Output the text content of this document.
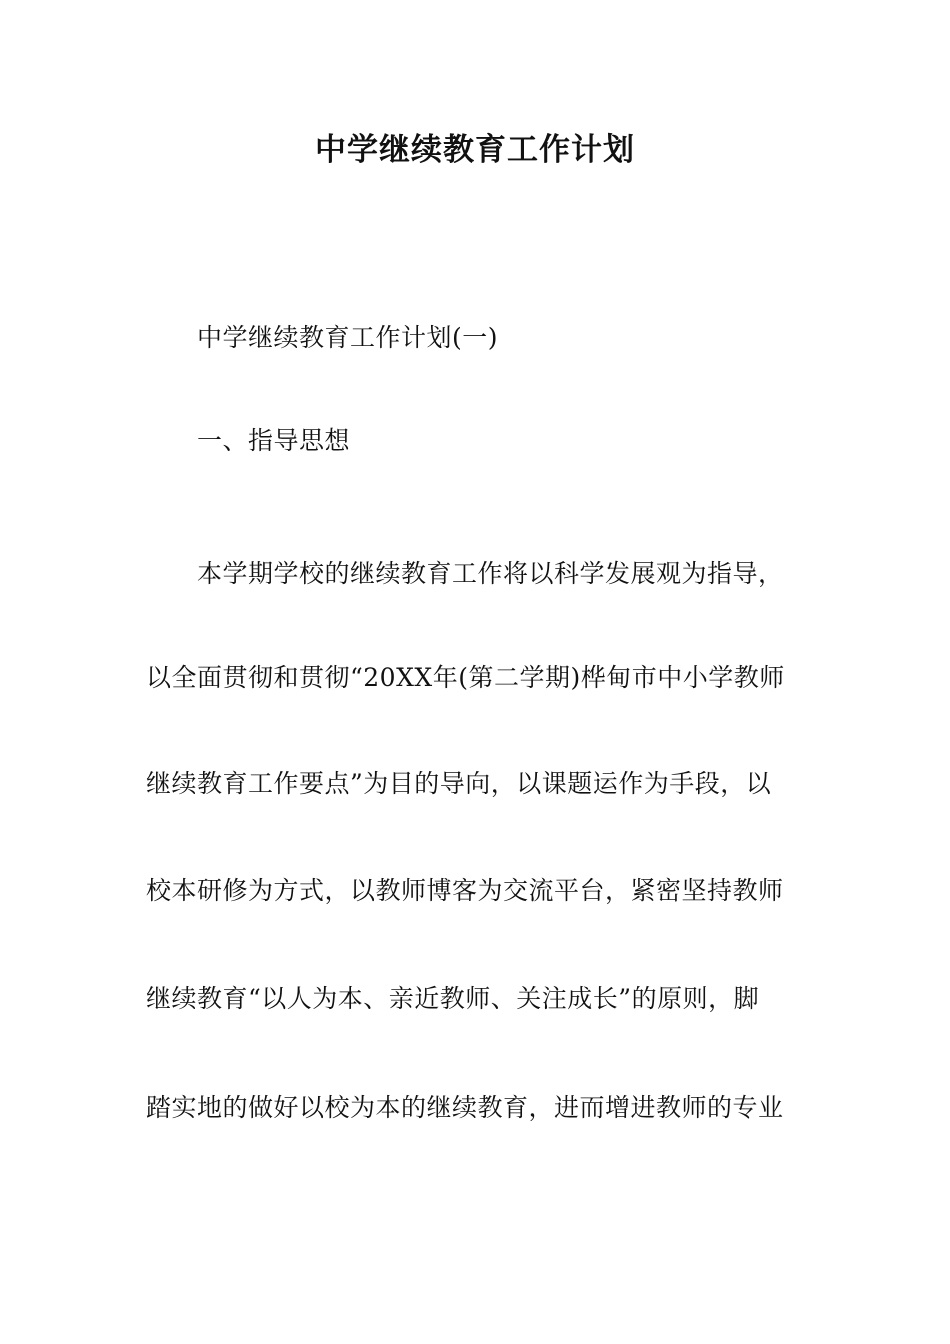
中学继续教育工作计划
中学继续教育工作计划(一)
一、指导思想
本学期学校的继续教育工作将以科学发展观为指导，
以全面贯彻和贯彻“20XX年(第二学期)桦甸市中小学教师
继续教育工作要点”为目的导向，以课题运作为手段，以
校本研修为方式，以教师博客为交流平台，紧密坚持教师
继续教育“以人为本、亲近教师、关注成长”的原则，脚
踏实地的做好以校为本的继续教育，进而增进教师的专业
